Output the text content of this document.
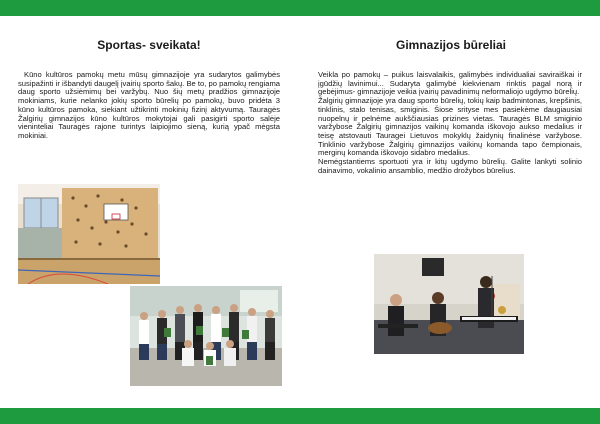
Sportas- sveikata!

Kūno kultūros pamokų metu mūsų gimnazijoje yra sudarytos galimybės susipažinti ir išbandyti daugelį įvairių sporto šakų. Be to, po pamokų rengiama daug sporto užsiėmimų bei varžybų. Nuo šių metų pradžios gimnazijoje mokiniams, kurie nelanko jokių sporto būrelių po pamokų, buvo pridėta 3 kūno kultūros pamoka, siekiant užtikrinti mokinių fizinį aktyvumą. Tauragės Žalgirių gimnazijos kūno kultūros mokytojai gali pasigirti sporto salėje vieninteliai Tauragės rajone turintys laipiojimo sieną, kurią ypač mėgsta mokiniai.

Gimnazijos būreliai

Veikla po pamokų – puikus laisvalaikis, galimybės individualiai saviraiškai ir įgūdžių lavinimui... Sudaryta galimybė kiekvienam rinktis pagal norą ir gebėjimus- gimnazijoje veikia įvairių pavadinimų neformaliojo ugdymo būrelių.

Žalgirių gimnazijoje yra daug sporto būrelių, tokių kaip badmintonas, krepšinis, tinklinis, stalo tenisas, smiginis. Šiose srityse mes pasiekėme daugiausiai nuopelnų ir pelnėme aukščiausias prizines vietas. Tauragės BLM smiginio varžybose Žalgirių gimnazijos vaikinų komanda iškovojo aukso medalius ir teisę atstovauti Tauragei Lietuvos mokyklų žaidynių finalinėse varžybose. Tinklinio varžybose Žalgirių gimnazijos vaikinų komanda tapo čempionais, merginų komanda iškovojo sidabro medalius.

Nemėgstantiems sportuoti yra ir kitų ugdymo būrelių. Galite lankyti solinio dainavimo, vokalinio ansamblio, medžio drožybos būrelius.
